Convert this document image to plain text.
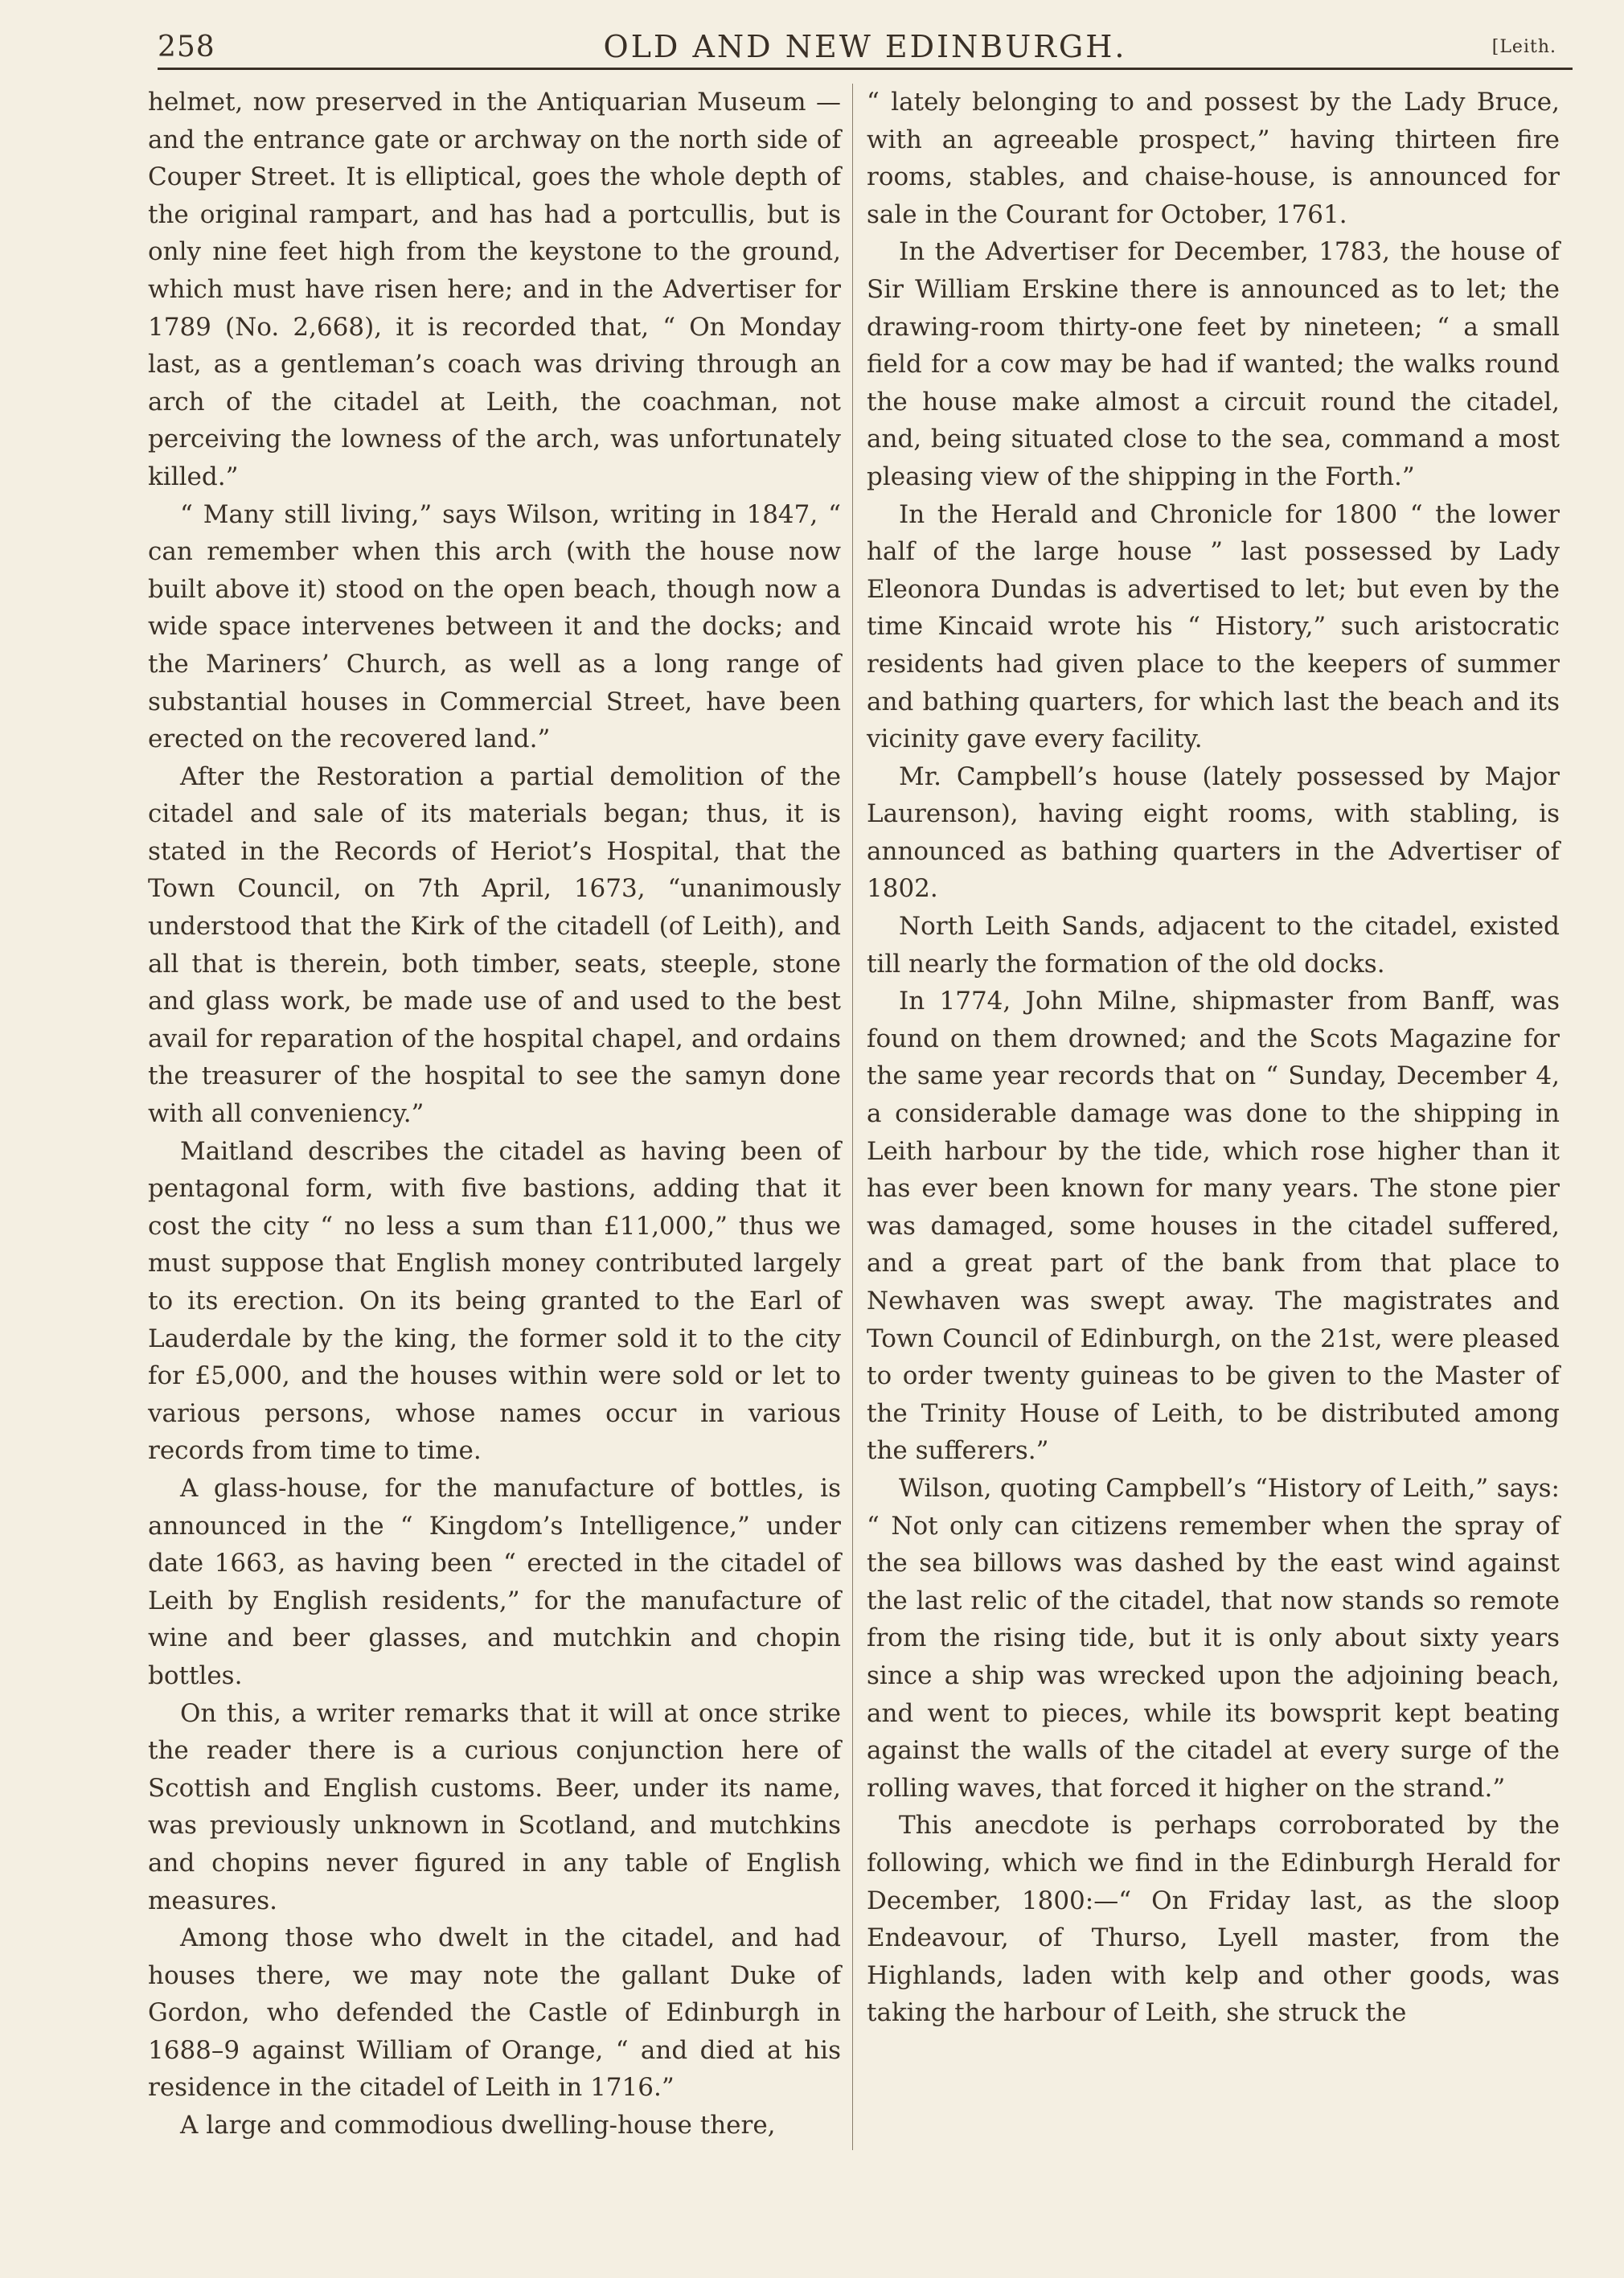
258	OLD AND NEW EDINBURGH.	[Leith.

helmet, now preserved in the Antiquarian Museum —and the entrance gate or archway on the north side of Couper Street. It is elliptical, goes the whole depth of the original rampart, and has had a portcullis, but is only nine feet high from the keystone to the ground, which must have risen here; and in the Advertiser for 1789 (No. 2,668), it is recorded that, “ On Monday last, as a gentleman’s coach was driving through an arch of the citadel at Leith, the coachman, not perceiving the lowness of the arch, was unfortunately killed.”

“ Many still living,” says Wilson, writing in 1847, “ can remember when this arch (with the house now built above it) stood on the open beach, though now a wide space intervenes between it and the docks; and the Mariners’ Church, as well as a long range of substantial houses in Commercial Street, have been erected on the recovered land.”

After the Restoration a partial demolition of the citadel and sale of its materials began; thus, it is stated in the Records of Heriot’s Hospital, that the Town Council, on 7th April, 1673, “unanimously understood that the Kirk of the citadell (of Leith), and all that is therein, both timber, seats, steeple, stone and glass work, be made use of and used to the best avail for reparation of the hospital chapel, and ordains the treasurer of the hospital to see the samyn done with all conveniency.”

Maitland describes the citadel as having been of pentagonal form, with five bastions, adding that it cost the city “ no less a sum than £11,000,” thus we must suppose that English money contributed largely to its erection. On its being granted to the Earl of Lauderdale by the king, the former sold it to the city for £5,000, and the houses within were sold or let to various persons, whose names occur in various records from time to time.

A glass-house, for the manufacture of bottles, is announced in the “ Kingdom’s Intelligence,” under date 1663, as having been “ erected in the citadel of Leith by English residents,” for the manufacture of wine and beer glasses, and mutchkin and chopin bottles.

On this, a writer remarks that it will at once strike the reader there is a curious conjunction here of Scottish and English customs. Beer, under its name, was previously unknown in Scotland, and mutchkins and chopins never figured in any table of English measures.

Among those who dwelt in the citadel, and had houses there, we may note the gallant Duke of Gordon, who defended the Castle of Edinburgh in 1688–9 against William of Orange, “ and died at his residence in the citadel of Leith in 1716.”

A large and commodious dwelling-house there,

“ lately belonging to and possest by the Lady Bruce, with an agreeable prospect,” having thirteen fire rooms, stables, and chaise-house, is announced for sale in the Courant for October, 1761.

In the Advertiser for December, 1783, the house of Sir William Erskine there is announced as to let; the drawing-room thirty-one feet by nineteen; “ a small field for a cow may be had if wanted; the walks round the house make almost a circuit round the citadel, and, being situated close to the sea, command a most pleasing view of the shipping in the Forth.”

In the Herald and Chronicle for 1800 “ the lower half of the large house ” last possessed by Lady Eleonora Dundas is advertised to let; but even by the time Kincaid wrote his “ History,” such aristocratic residents had given place to the keepers of summer and bathing quarters, for which last the beach and its vicinity gave every facility.

Mr. Campbell’s house (lately possessed by Major Laurenson), having eight rooms, with stabling, is announced as bathing quarters in the Advertiser of 1802.

North Leith Sands, adjacent to the citadel, existed till nearly the formation of the old docks.

In 1774, John Milne, shipmaster from Banff, was found on them drowned; and the Scots Magazine for the same year records that on “ Sunday, December 4, a considerable damage was done to the shipping in Leith harbour by the tide, which rose higher than it has ever been known for many years. The stone pier was damaged, some houses in the citadel suffered, and a great part of the bank from that place to Newhaven was swept away. The magistrates and Town Council of Edinburgh, on the 21st, were pleased to order twenty guineas to be given to the Master of the Trinity House of Leith, to be distributed among the sufferers.”

Wilson, quoting Campbell’s “History of Leith,” says: “ Not only can citizens remember when the spray of the sea billows was dashed by the east wind against the last relic of the citadel, that now stands so remote from the rising tide, but it is only about sixty years since a ship was wrecked upon the adjoining beach, and went to pieces, while its bowsprit kept beating against the walls of the citadel at every surge of the rolling waves, that forced it higher on the strand.”

This anecdote is perhaps corroborated by the following, which we find in the Edinburgh Herald for December, 1800:—“ On Friday last, as the sloop Endeavour, of Thurso, Lyell master, from the Highlands, laden with kelp and other goods, was taking the harbour of Leith, she struck the
